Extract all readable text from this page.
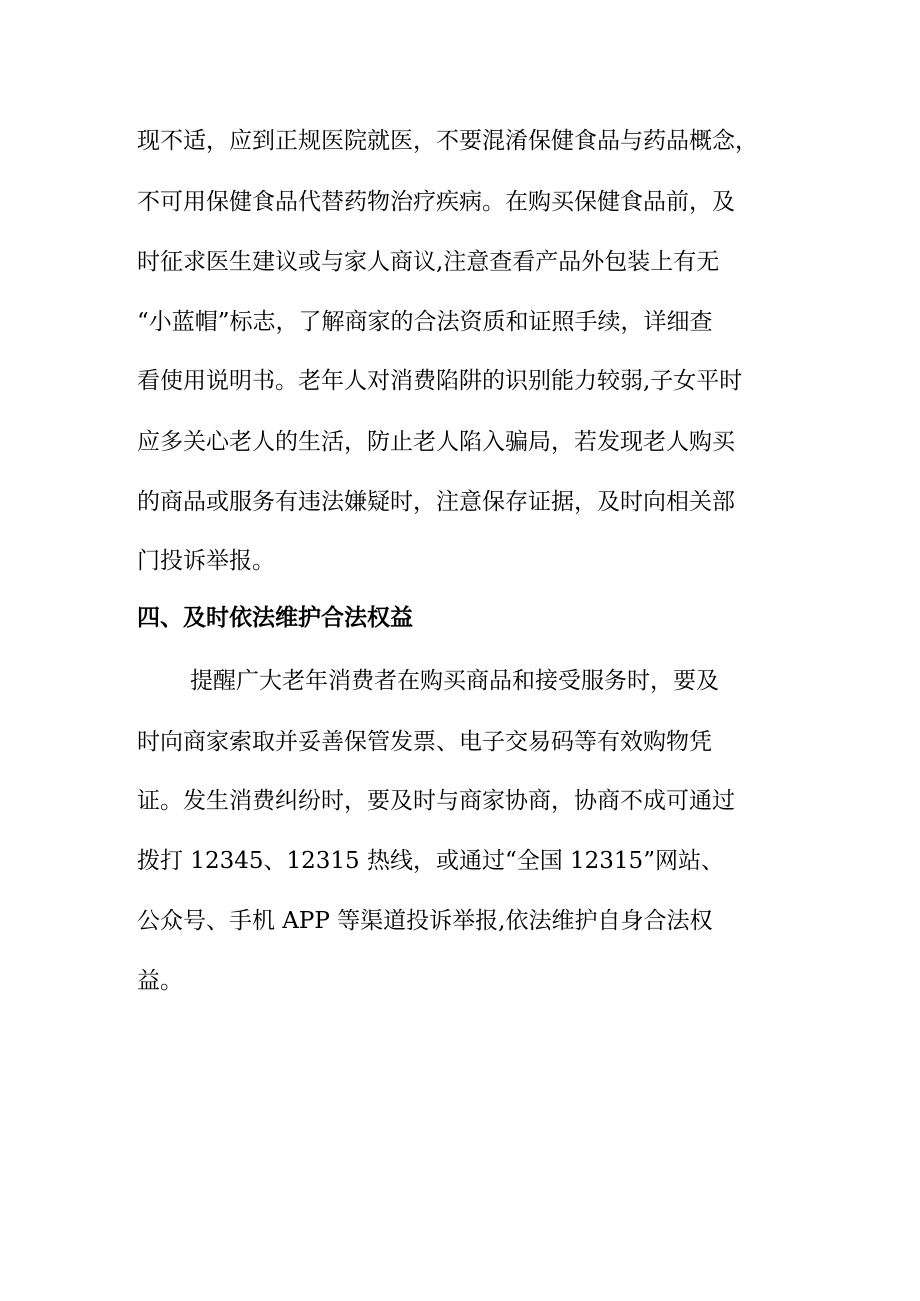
现不适，应到正规医院就医，不要混淆保健食品与药品概念，
不可用保健食品代替药物治疗疾病。在购买保健食品前，及
时征求医生建议或与家人商议,注意查看产品外包装上有无
“小蓝帽”标志，了解商家的合法资质和证照手续，详细查
看使用说明书。老年人对消费陷阱的识别能力较弱,子女平时
应多关心老人的生活，防止老人陷入骗局，若发现老人购买
的商品或服务有违法嫌疑时，注意保存证据，及时向相关部
门投诉举报。
四、及时依法维护合法权益
提醒广大老年消费者在购买商品和接受服务时，要及
时向商家索取并妥善保管发票、电子交易码等有效购物凭
证。发生消费纠纷时，要及时与商家协商，协商不成可通过
拨打 12345、12315 热线，或通过“全国 12315”网站、
公众号、手机 APP 等渠道投诉举报,依法维护自身合法权
益。
